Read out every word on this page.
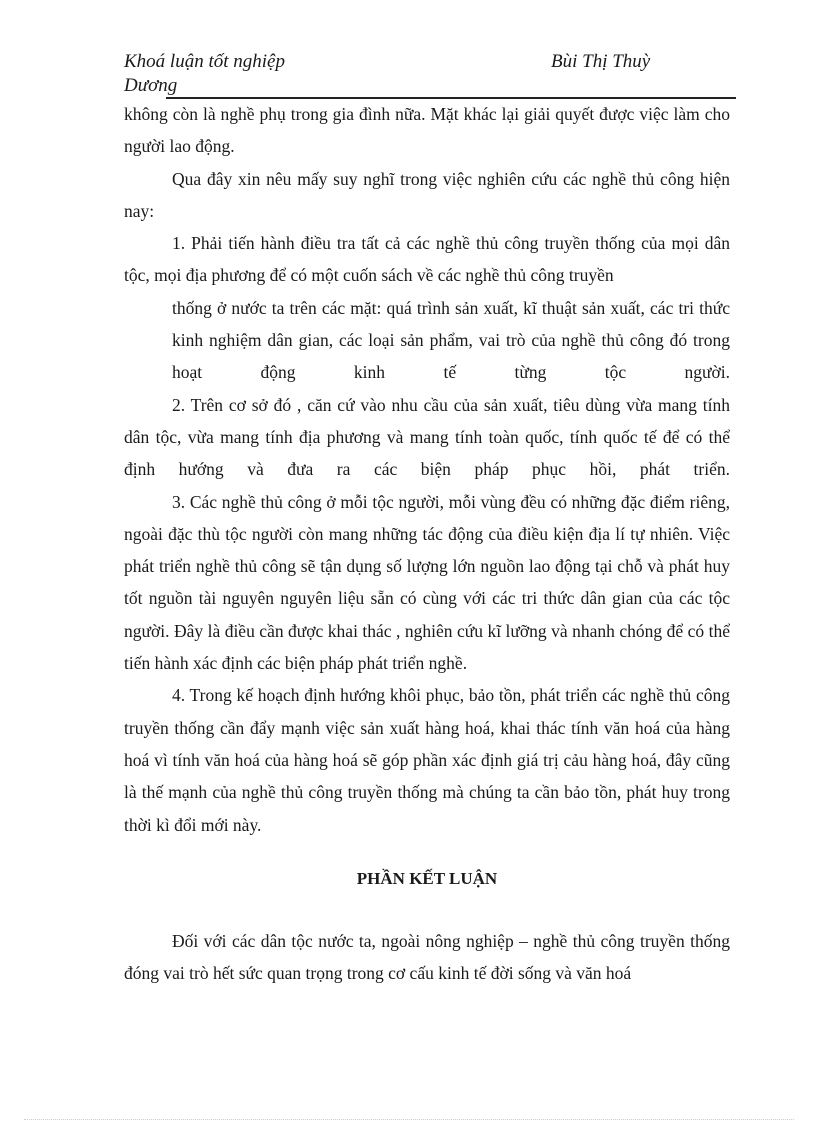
Khoá luận tốt nghiệp	Bùi Thị Thuỳ
Dương

không còn là nghề phụ trong gia đình nữa. Mặt khác lại giải quyết được việc làm cho người lao động.

Qua đây xin nêu mấy suy nghĩ trong việc nghiên cứu các nghề thủ công hiện nay:

1. Phải tiến hành điều tra tất cả các nghề thủ công truyền thống của mọi dân tộc, mọi địa phương để có một cuốn sách về các nghề thủ công truyền

thống ở nước ta trên các mặt: quá trình sản xuất, kĩ thuật sản xuất, các tri thức kinh nghiệm dân gian, các loại sản phẩm, vai trò của nghề thủ công đó trong hoạt động kinh tế từng tộc người.

2. Trên cơ sở đó , căn cứ vào nhu cầu của sản xuất, tiêu dùng vừa mang tính dân tộc, vừa mang tính địa phương và mang tính toàn quốc, tính quốc tế để có thể định hướng và đưa ra các biện pháp phục hồi, phát triển.

3. Các nghề thủ công ở mỗi tộc người, mỗi vùng đều có những đặc điểm riêng, ngoài đặc thù tộc người còn mang những tác động của điều kiện địa lí tự nhiên. Việc phát triển nghề thủ công sẽ tận dụng số lượng lớn nguồn lao động tại chỗ và phát huy tốt nguồn tài nguyên nguyên liệu sẵn có cùng với các tri thức dân gian của các tộc người. Đây là điều cần được khai thác , nghiên cứu kĩ lưỡng và nhanh chóng để có thể tiến hành xác định các biện pháp phát triển nghề.

4. Trong kế hoạch định hướng khôi phục, bảo tồn, phát triển các nghề thủ công truyền thống cần đẩy mạnh việc sản xuất hàng hoá, khai thác tính văn hoá của hàng hoá vì tính văn hoá của hàng hoá sẽ góp phần xác định giá trị cảu hàng hoá, đây cũng là thế mạnh của nghề thủ công truyền thống mà chúng ta cần bảo tồn, phát huy trong thời kì đổi mới này.

PHẦN KẾT LUẬN

Đối với các dân tộc nước ta, ngoài nông nghiệp – nghề thủ công truyền thống đóng vai trò hết sức quan trọng trong cơ cấu kinh tế đời sống và văn hoá
